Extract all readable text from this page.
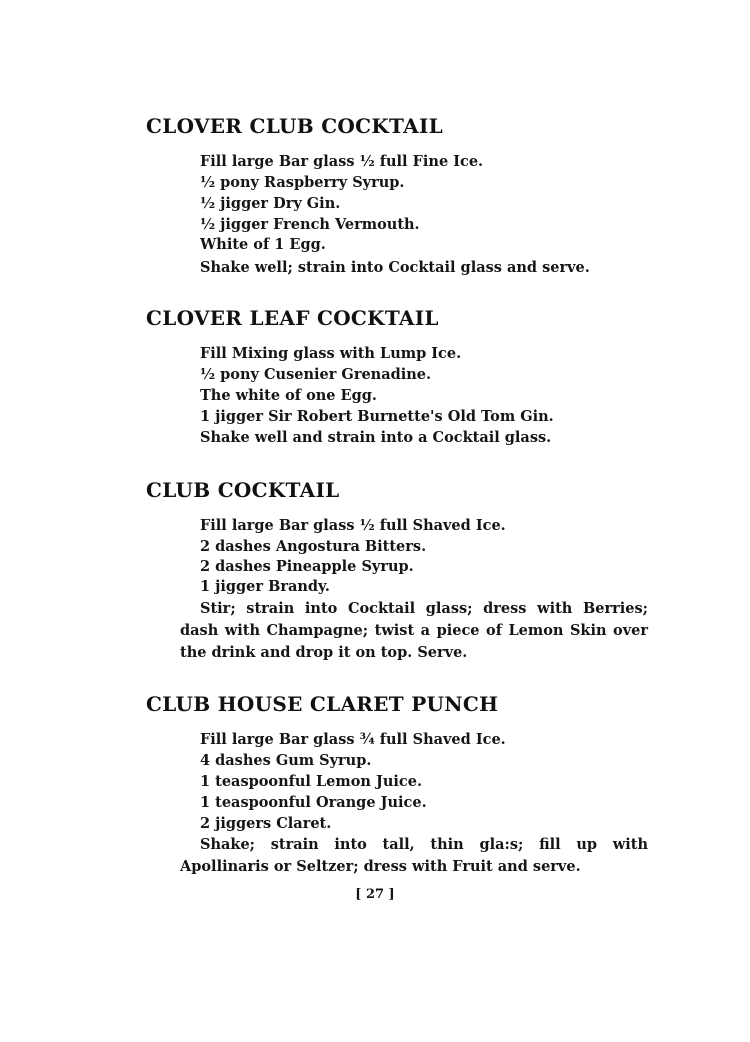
CLOVER CLUB COCKTAIL

Fill large Bar glass ½ full Fine Ice.

½ pony Raspberry Syrup.

½ jigger Dry Gin.

½ jigger French Vermouth.

White of 1 Egg.

Shake well; strain into Cocktail glass and serve.

CLOVER LEAF COCKTAIL

Fill Mixing glass with Lump Ice.

½ pony Cusenier Grenadine.

The white of one Egg.

1 jigger Sir Robert Burnette's Old Tom Gin.

Shake well and strain into a Cocktail glass.

CLUB COCKTAIL

Fill large Bar glass ½ full Shaved Ice.

2 dashes Angostura Bitters.

2 dashes Pineapple Syrup.

1 jigger Brandy.

Stir; strain into Cocktail glass; dress with Berries; dash with Champagne; twist a piece of Lemon Skin over the drink and drop it on top. Serve.

CLUB HOUSE CLARET PUNCH

Fill large Bar glass ¾ full Shaved Ice.

4 dashes Gum Syrup.

1 teaspoonful Lemon Juice.

1 teaspoonful Orange Juice.

2 jiggers Claret.

Shake; strain into tall, thin gla:s; fill up with Apollinaris or Seltzer; dress with Fruit and serve.

[ 27 ]
